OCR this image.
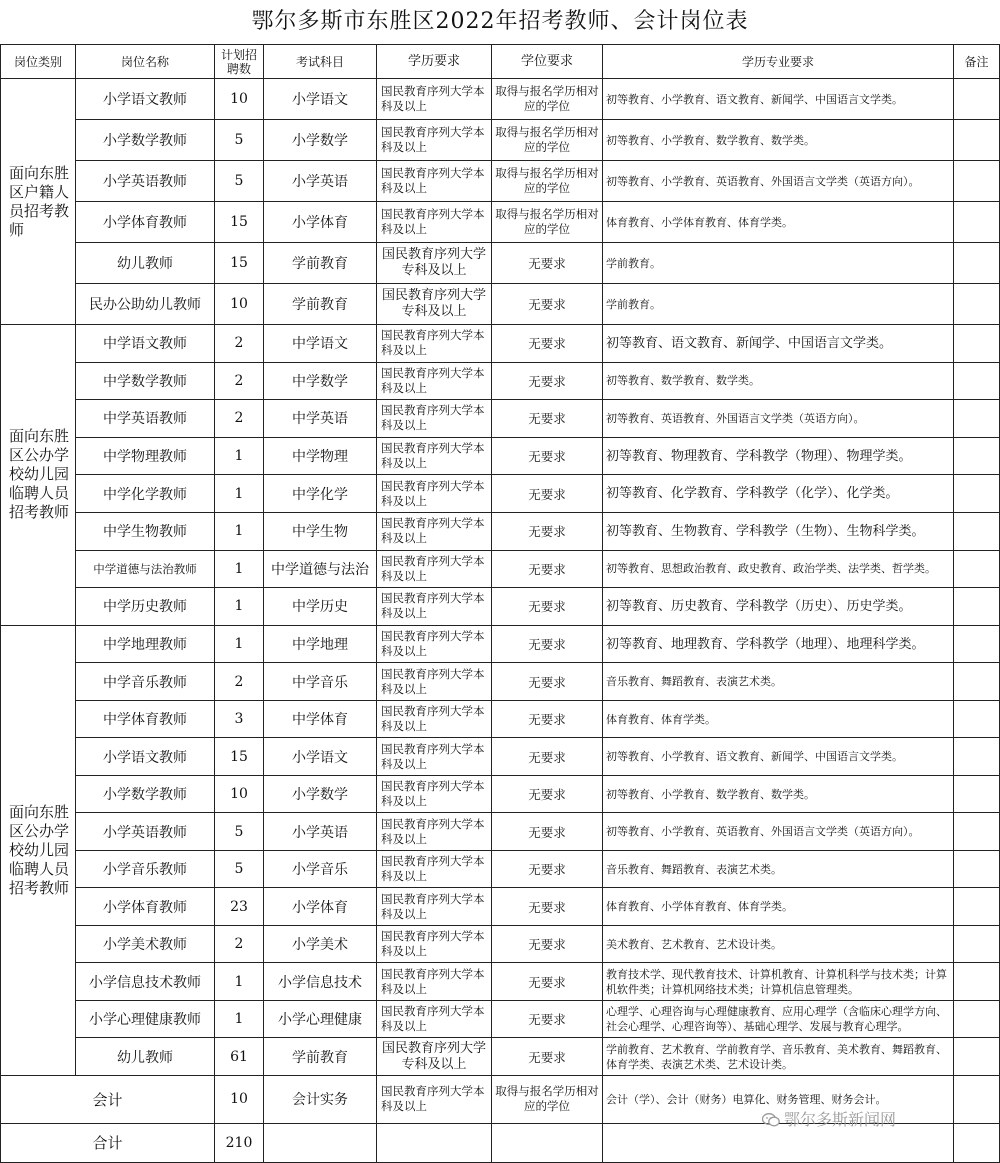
鄂尔多斯市东胜区2022年招考教师、会计岗位表
岗位类别	岗位名称	计划招聘数	考试科目	学历要求	学位要求	学历专业要求	备注
面向东胜区户籍人员招考教师	小学语文教师	10	小学语文	国民教育序列大学本科及以上	取得与报名学历相对应的学位	初等教育、小学教育、语文教育、新闻学、中国语言文学类。	
	小学数学教师	5	小学数学	国民教育序列大学本科及以上	取得与报名学历相对应的学位	初等教育、小学教育、数学教育、数学类。	
	小学英语教师	5	小学英语	国民教育序列大学本科及以上	取得与报名学历相对应的学位	初等教育、小学教育、英语教育、外国语言文学类（英语方向）。	
	小学体育教师	15	小学体育	国民教育序列大学本科及以上	取得与报名学历相对应的学位	体育教育、小学体育教育、体育学类。	
	幼儿教师	15	学前教育	国民教育序列大学专科及以上	无要求	学前教育。	
	民办公助幼儿教师	10	学前教育	国民教育序列大学专科及以上	无要求	学前教育。	
面向东胜区公办学校幼儿园临聘人员招考教师	中学语文教师	2	中学语文	国民教育序列大学本科及以上	无要求	初等教育、语文教育、新闻学、中国语言文学类。	
	中学数学教师	2	中学数学	国民教育序列大学本科及以上	无要求	初等教育、数学教育、数学类。	
	中学英语教师	2	中学英语	国民教育序列大学本科及以上	无要求	初等教育、英语教育、外国语言文学类（英语方向）。	
	中学物理教师	1	中学物理	国民教育序列大学本科及以上	无要求	初等教育、物理教育、学科教学（物理）、物理学类。	
	中学化学教师	1	中学化学	国民教育序列大学本科及以上	无要求	初等教育、化学教育、学科教学（化学）、化学类。	
	中学生物教师	1	中学生物	国民教育序列大学本科及以上	无要求	初等教育、生物教育、学科教学（生物）、生物科学类。	
	中学道德与法治教师	1	中学道德与法治	国民教育序列大学本科及以上	无要求	初等教育、思想政治教育、政史教育、政治学类、法学类、哲学类。	
	中学历史教师	1	中学历史	国民教育序列大学本科及以上	无要求	初等教育、历史教育、学科教学（历史）、历史学类。	
面向东胜区公办学校幼儿园临聘人员招考教师	中学地理教师	1	中学地理	国民教育序列大学本科及以上	无要求	初等教育、地理教育、学科教学（地理）、地理科学类。	
	中学音乐教师	2	中学音乐	国民教育序列大学本科及以上	无要求	音乐教育、舞蹈教育、表演艺术类。	
	中学体育教师	3	中学体育	国民教育序列大学本科及以上	无要求	体育教育、体育学类。	
	小学语文教师	15	小学语文	国民教育序列大学本科及以上	无要求	初等教育、小学教育、语文教育、新闻学、中国语言文学类。	
	小学数学教师	10	小学数学	国民教育序列大学本科及以上	无要求	初等教育、小学教育、数学教育、数学类。	
	小学英语教师	5	小学英语	国民教育序列大学本科及以上	无要求	初等教育、小学教育、英语教育、外国语言文学类（英语方向）。	
	小学音乐教师	5	小学音乐	国民教育序列大学本科及以上	无要求	音乐教育、舞蹈教育、表演艺术类。	
	小学体育教师	23	小学体育	国民教育序列大学本科及以上	无要求	体育教育、小学体育教育、体育学类。	
	小学美术教师	2	小学美术	国民教育序列大学本科及以上	无要求	美术教育、艺术教育、艺术设计类。	
	小学信息技术教师	1	小学信息技术	国民教育序列大学本科及以上	无要求	教育技术学、现代教育技术、计算机教育、计算机科学与技术类；计算机软件类；计算机网络技术类；计算机信息管理类。	
	小学心理健康教师	1	小学心理健康	国民教育序列大学本科及以上	无要求	心理学、心理咨询与心理健康教育、应用心理学（含临床心理学方向、社会心理学、心理咨询等）、基础心理学、发展与教育心理学。	
	幼儿教师	61	学前教育	国民教育序列大学专科及以上	无要求	学前教育、艺术教育、学前教育学、音乐教育、美术教育、舞蹈教育、体育学类、表演艺术类、艺术设计类。	
会计		10	会计实务	国民教育序列大学本科及以上	取得与报名学历相对应的学位	会计（学）、会计（财务）电算化、财务管理、财务会计。	
合计		210					
鄂尔多斯新闻网
